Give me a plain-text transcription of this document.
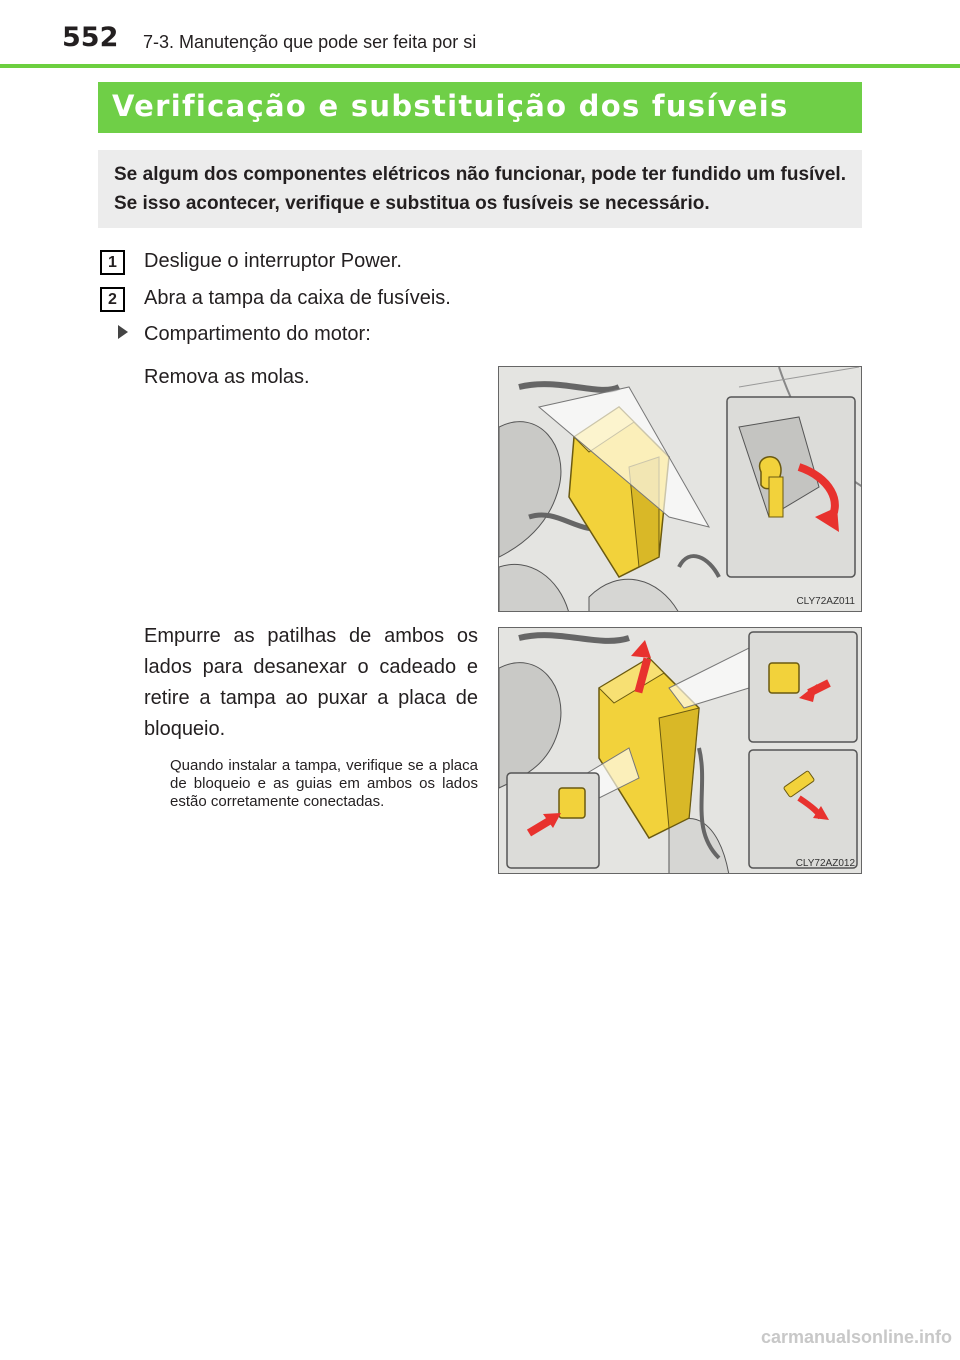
552 7-3. Manutenção que pode ser feita por si
Verificação e substituição dos fusíveis
Se algum dos componentes elétricos não funcionar, pode ter fundido um fusível. Se isso acontecer, verifique e substitua os fusíveis se necessário.
1	Desligue o interruptor Power.
2	Abra a tampa da caixa de fusíveis.
Compartimento do motor:
Remova as molas.
Empurre as patilhas de ambos os lados para desanexar o cadeado e retire a tampa ao puxar a placa de bloqueio.
Quando instalar a tampa, verifique se a placa de bloqueio e as guias em ambos os lados estão corretamente conectadas.
CLY72AZ011
CLY72AZ012
carmanualsonline.info
